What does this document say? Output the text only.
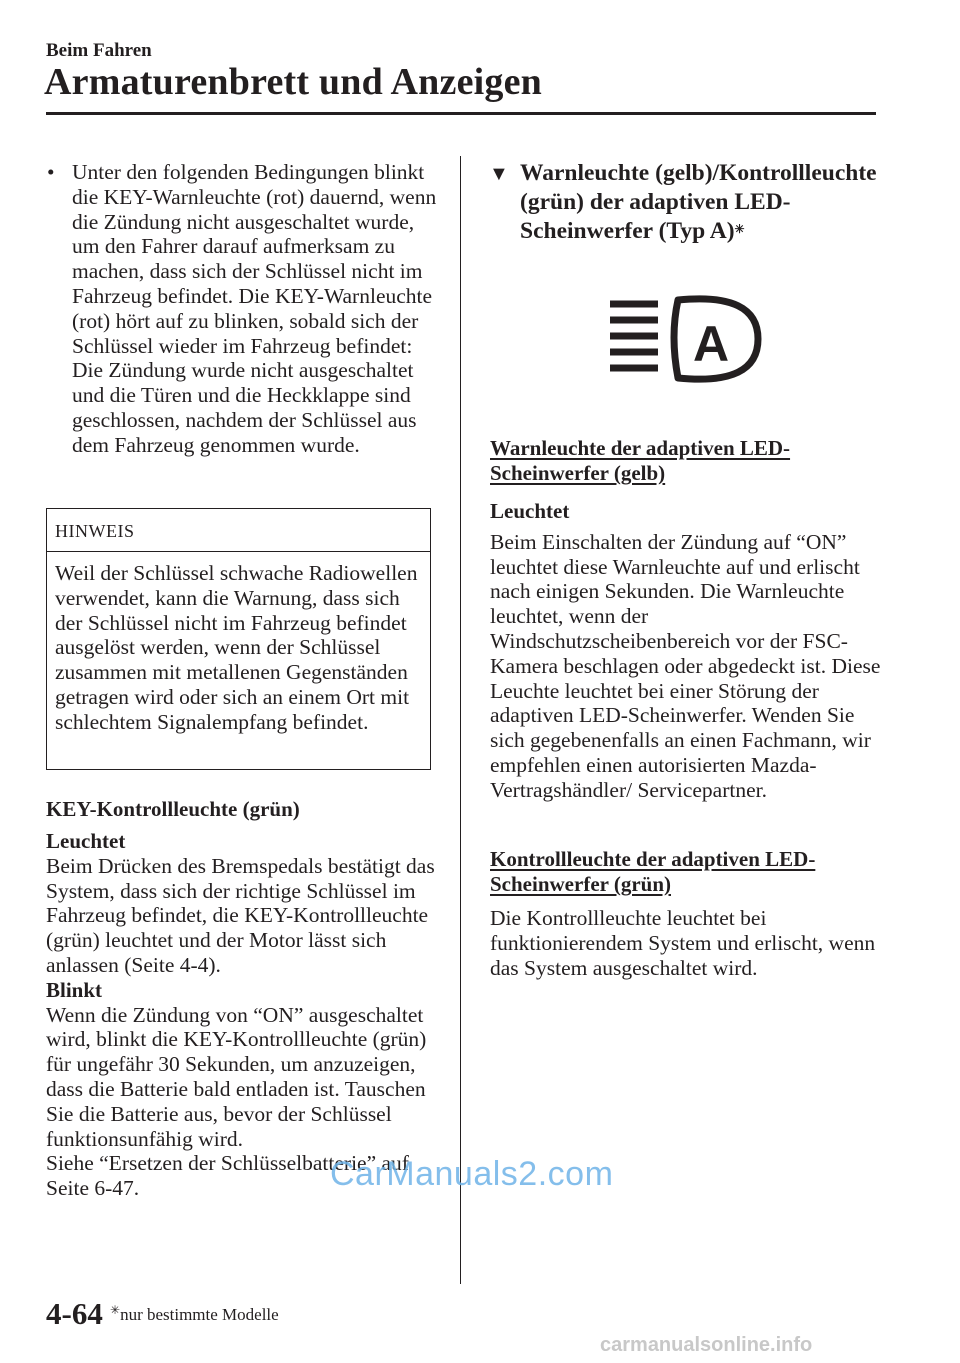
Beim Fahren
Armaturenbrett und Anzeigen
• Unter den folgenden Bedingungen blinkt die KEY-Warnleuchte (rot) dauernd, wenn die Zündung nicht ausgeschaltet wurde, um den Fahrer darauf aufmerksam zu machen, dass sich der Schlüssel nicht im Fahrzeug befindet. Die KEY-Warnleuchte (rot) hört auf zu blinken, sobald sich der Schlüssel wieder im Fahrzeug befindet: Die Zündung wurde nicht ausgeschaltet und die Türen und die Heckklappe sind geschlossen, nachdem der Schlüssel aus dem Fahrzeug genommen wurde.

HINWEIS
Weil der Schlüssel schwache Radiowellen verwendet, kann die Warnung, dass sich der Schlüssel nicht im Fahrzeug befindet ausgelöst werden, wenn der Schlüssel zusammen mit metallenen Gegenständen getragen wird oder sich an einem Ort mit schlechtem Signalempfang befindet.
KEY-Kontrollleuchte (grün)

Leuchtet

Beim Drücken des Bremspedals bestätigt das System, dass sich der richtige Schlüssel im Fahrzeug befindet, die KEY-Kontrollleuchte (grün) leuchtet und der Motor lässt sich anlassen (Seite 4-4).

Blinkt

Wenn die Zündung von “ON” ausgeschaltet wird, blinkt die KEY-Kontrollleuchte (grün) für ungefähr 30 Sekunden, um anzuzeigen, dass die Batterie bald entladen ist. Tauschen Sie die Batterie aus, bevor der Schlüssel funktionsunfähig wird.

Siehe “Ersetzen der Schlüsselbatterie” auf Seite 6-47.

▼ Warnleuchte (gelb)/Kontrollleuchte (grün) der adaptiven LED-Scheinwerfer (Typ A)✳
A
Warnleuchte der adaptiven LED-Scheinwerfer (gelb)

Leuchtet

Beim Einschalten der Zündung auf “ON” leuchtet diese Warnleuchte auf und erlischt nach einigen Sekunden. Die Warnleuchte leuchtet, wenn der Windschutzscheibenbereich vor der FSC-Kamera beschlagen oder abgedeckt ist. Diese Leuchte leuchtet bei einer Störung der adaptiven LED-Scheinwerfer. Wenden Sie sich gegebenenfalls an einen Fachmann, wir empfehlen einen autorisierten Mazda-Vertragshändler/ Servicepartner.

Kontrollleuchte der adaptiven LED-Scheinwerfer (grün)
Die Kontrollleuchte leuchtet bei funktionierendem System und erlischt, wenn das System ausgeschaltet wird.
4-64 ✳nur bestimmte Modelle
CarManuals2.com
carmanualsonline.info
